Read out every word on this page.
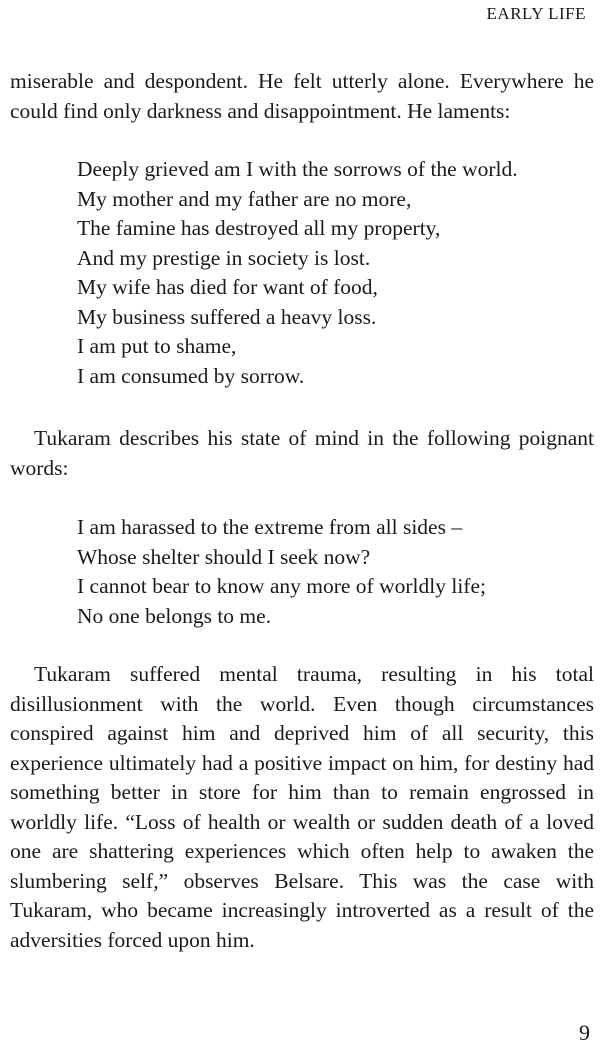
EARLY LIFE

miserable and despondent. He felt utterly alone. Everywhere he could find only darkness and disappointment. He laments:

Deeply grieved am I with the sorrows of the world.
My mother and my father are no more,
The famine has destroyed all my property,
And my prestige in society is lost.
My wife has died for want of food,
My business suffered a heavy loss.
I am put to shame,
I am consumed by sorrow.

Tukaram describes his state of mind in the following poignant words:

I am harassed to the extreme from all sides –
Whose shelter should I seek now?
I cannot bear to know any more of worldly life;
No one belongs to me.

Tukaram suffered mental trauma, resulting in his total disillusionment with the world. Even though circumstances conspired against him and deprived him of all security, this experience ultimately had a positive impact on him, for destiny had something better in store for him than to remain engrossed in worldly life. “Loss of health or wealth or sudden death of a loved one are shattering experiences which often help to awaken the slumbering self,” observes Belsare. This was the case with Tukaram, who became increasingly introverted as a result of the adversities forced upon him.

9
